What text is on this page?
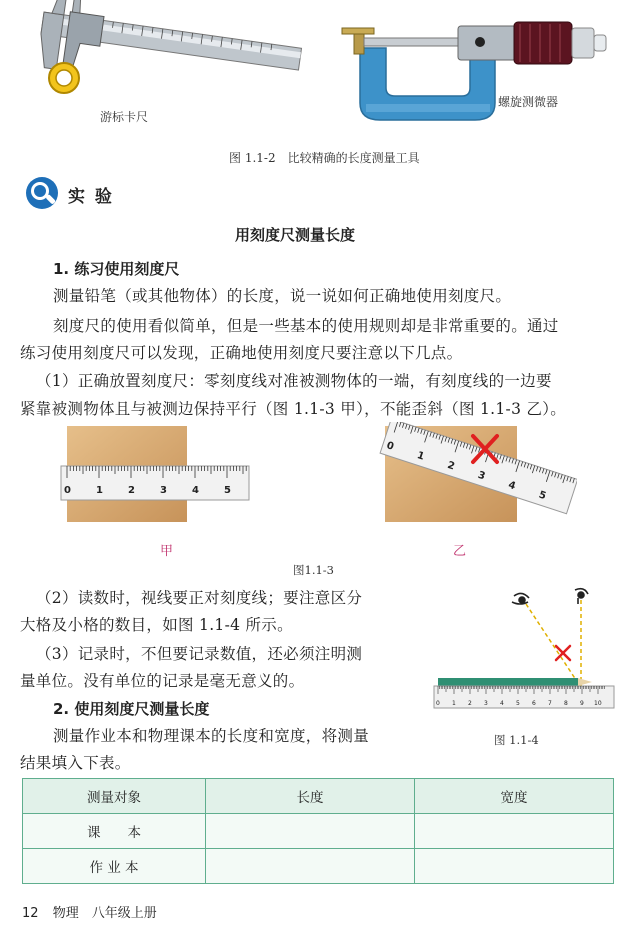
游标卡尺
螺旋测微器
图 1.1-2　比较精确的长度测量工具
实 验
用刻度尺测量长度
1. 练习使用刻度尺
测量铅笔（或其他物体）的长度，说一说如何正确地使用刻度尺。
刻度尺的使用看似简单，但是一些基本的使用规则却是非常重要的。通过
练习使用刻度尺可以发现，正确地使用刻度尺要注意以下几点。
（1）正确放置刻度尺：零刻度线对准被测物体的一端，有刻度线的一边要
紧靠被测物体且与被测边保持平行（图 1.1-3 甲），不能歪斜（图 1.1-3 乙）。
0	1	2	3	4	5
甲
0
1
2
3
4
5
乙
图1.1-3
（2）读数时，视线要正对刻度线；要注意区分
大格及小格的数目，如图 1.1-4 所示。
（3）记录时，不但要记录数值，还必须注明测
量单位。没有单位的记录是毫无意义的。
0 1 2 3 4 5 6 7 8 9 10
图 1.1-4
2. 使用刻度尺测量长度
测量作业本和物理课本的长度和宽度，将测量
结果填入下表。
测量对象	长度	宽度
课　　本		
作 业 本		
12 物理　八年级上册
